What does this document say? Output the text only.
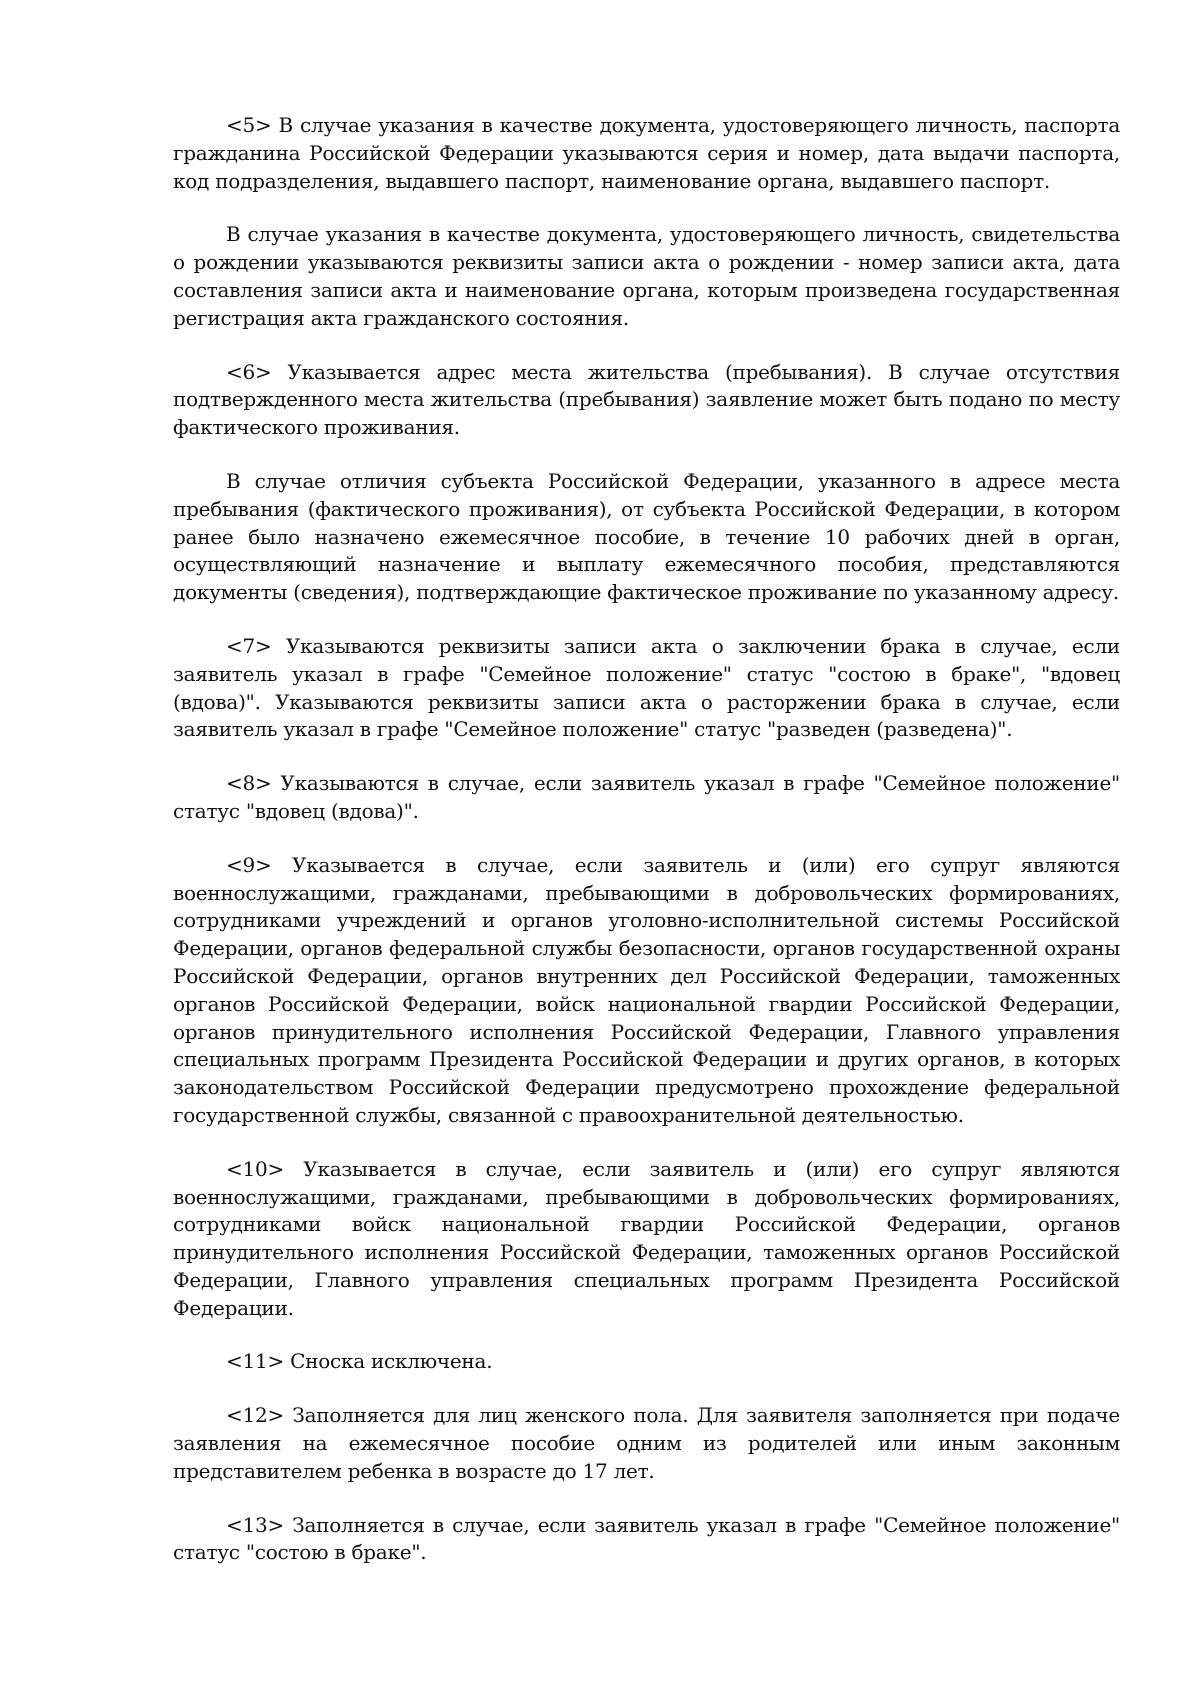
<5> В случае указания в качестве документа, удостоверяющего личность, паспорта гражданина Российской Федерации указываются серия и номер, дата выдачи паспорта, код подразделения, выдавшего паспорт, наименование органа, выдавшего паспорт.

В случае указания в качестве документа, удостоверяющего личность, свидетельства о рождении указываются реквизиты записи акта о рождении - номер записи акта, дата составления записи акта и наименование органа, которым произведена государственная регистрация акта гражданского состояния.

<6> Указывается адрес места жительства (пребывания). В случае отсутствия подтвержденного места жительства (пребывания) заявление может быть подано по месту фактического проживания.

В случае отличия субъекта Российской Федерации, указанного в адресе места пребывания (фактического проживания), от субъекта Российской Федерации, в котором ранее было назначено ежемесячное пособие, в течение 10 рабочих дней в орган, осуществляющий назначение и выплату ежемесячного пособия, представляются документы (сведения), подтверждающие фактическое проживание по указанному адресу.

<7> Указываются реквизиты записи акта о заключении брака в случае, если заявитель указал в графе "Семейное положение" статус "состою в браке", "вдовец (вдова)". Указываются реквизиты записи акта о расторжении брака в случае, если заявитель указал в графе "Семейное положение" статус "разведен (разведена)".

<8> Указываются в случае, если заявитель указал в графе "Семейное положение" статус "вдовец (вдова)".

<9> Указывается в случае, если заявитель и (или) его супруг являются военнослужащими, гражданами, пребывающими в добровольческих формированиях, сотрудниками учреждений и органов уголовно-исполнительной системы Российской Федерации, органов федеральной службы безопасности, органов государственной охраны Российской Федерации, органов внутренних дел Российской Федерации, таможенных органов Российской Федерации, войск национальной гвардии Российской Федерации, органов принудительного исполнения Российской Федерации, Главного управления специальных программ Президента Российской Федерации и других органов, в которых законодательством Российской Федерации предусмотрено прохождение федеральной государственной службы, связанной с правоохранительной деятельностью.

<10> Указывается в случае, если заявитель и (или) его супруг являются военнослужащими, гражданами, пребывающими в добровольческих формированиях, сотрудниками войск национальной гвардии Российской Федерации, органов принудительного исполнения Российской Федерации, таможенных органов Российской Федерации, Главного управления специальных программ Президента Российской Федерации.

<11> Сноска исключена.

<12> Заполняется для лиц женского пола. Для заявителя заполняется при подаче заявления на ежемесячное пособие одним из родителей или иным законным представителем ребенка в возрасте до 17 лет.

<13> Заполняется в случае, если заявитель указал в графе "Семейное положение" статус "состою в браке".
